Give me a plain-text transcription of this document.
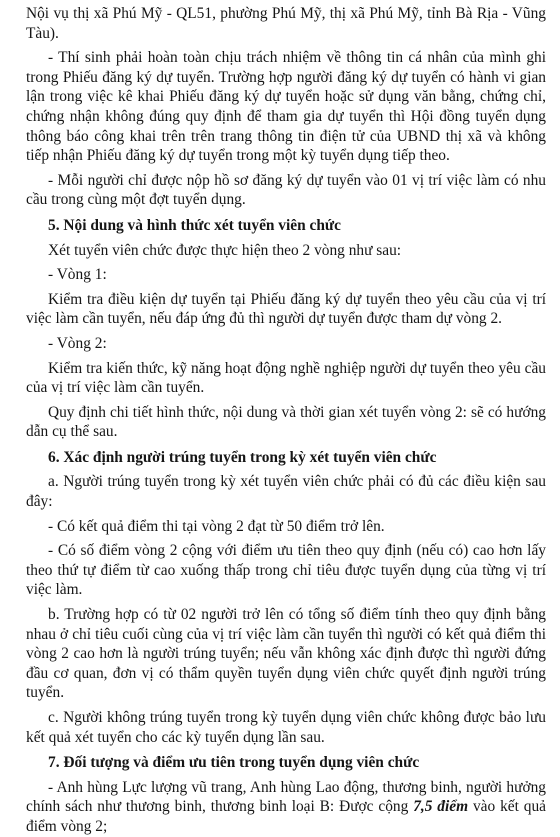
Nội vụ thị xã Phú Mỹ - QL51, phường Phú Mỹ, thị xã Phú Mỹ, tỉnh Bà Rịa - Vũng Tàu).

- Thí sinh phải hoàn toàn chịu trách nhiệm về thông tin cá nhân của mình ghi trong Phiếu đăng ký dự tuyển. Trường hợp người đăng ký dự tuyển có hành vi gian lận trong việc kê khai Phiếu đăng ký dự tuyển hoặc sử dụng văn bằng, chứng chỉ, chứng nhận không đúng quy định để tham gia dự tuyển thì Hội đồng tuyển dụng thông báo công khai trên trên trang thông tin điện tử của UBND thị xã và không tiếp nhận Phiếu đăng ký dự tuyển trong một kỳ tuyển dụng tiếp theo.

- Mỗi người chỉ được nộp hồ sơ đăng ký dự tuyển vào 01 vị trí việc làm có nhu cầu trong cùng một đợt tuyển dụng.

5. Nội dung và hình thức xét tuyển viên chức

Xét tuyển viên chức được thực hiện theo 2 vòng như sau:

- Vòng 1:

Kiểm tra điều kiện dự tuyển tại Phiếu đăng ký dự tuyển theo yêu cầu của vị trí việc làm cần tuyển, nếu đáp ứng đủ thì người dự tuyển được tham dự vòng 2.

- Vòng 2:

Kiểm tra kiến thức, kỹ năng hoạt động nghề nghiệp người dự tuyển theo yêu cầu của vị trí việc làm cần tuyển.

Quy định chi tiết hình thức, nội dung và thời gian xét tuyển vòng 2: sẽ có hướng dẫn cụ thể sau.

6. Xác định người trúng tuyển trong kỳ xét tuyển viên chức

a. Người trúng tuyển trong kỳ xét tuyển viên chức phải có đủ các điều kiện sau đây:

- Có kết quả điểm thi tại vòng 2 đạt từ 50 điểm trở lên.

- Có số điểm vòng 2 cộng với điểm ưu tiên theo quy định (nếu có) cao hơn lấy theo thứ tự điểm từ cao xuống thấp trong chỉ tiêu được tuyển dụng của từng vị trí việc làm.

b. Trường hợp có từ 02 người trở lên có tổng số điểm tính theo quy định bằng nhau ở chỉ tiêu cuối cùng của vị trí việc làm cần tuyển thì người có kết quả điểm thi vòng 2 cao hơn là người trúng tuyển; nếu vẫn không xác định được thì người đứng đầu cơ quan, đơn vị có thẩm quyền tuyển dụng viên chức quyết định người trúng tuyển.

c. Người không trúng tuyển trong kỳ tuyển dụng viên chức không được bảo lưu kết quả xét tuyển cho các kỳ tuyển dụng lần sau.

7. Đối tượng và điểm ưu tiên trong tuyển dụng viên chức

- Anh hùng Lực lượng vũ trang, Anh hùng Lao động, thương binh, người hưởng chính sách như thương binh, thương binh loại B: Được cộng 7,5 điểm vào kết quả điểm vòng 2;
